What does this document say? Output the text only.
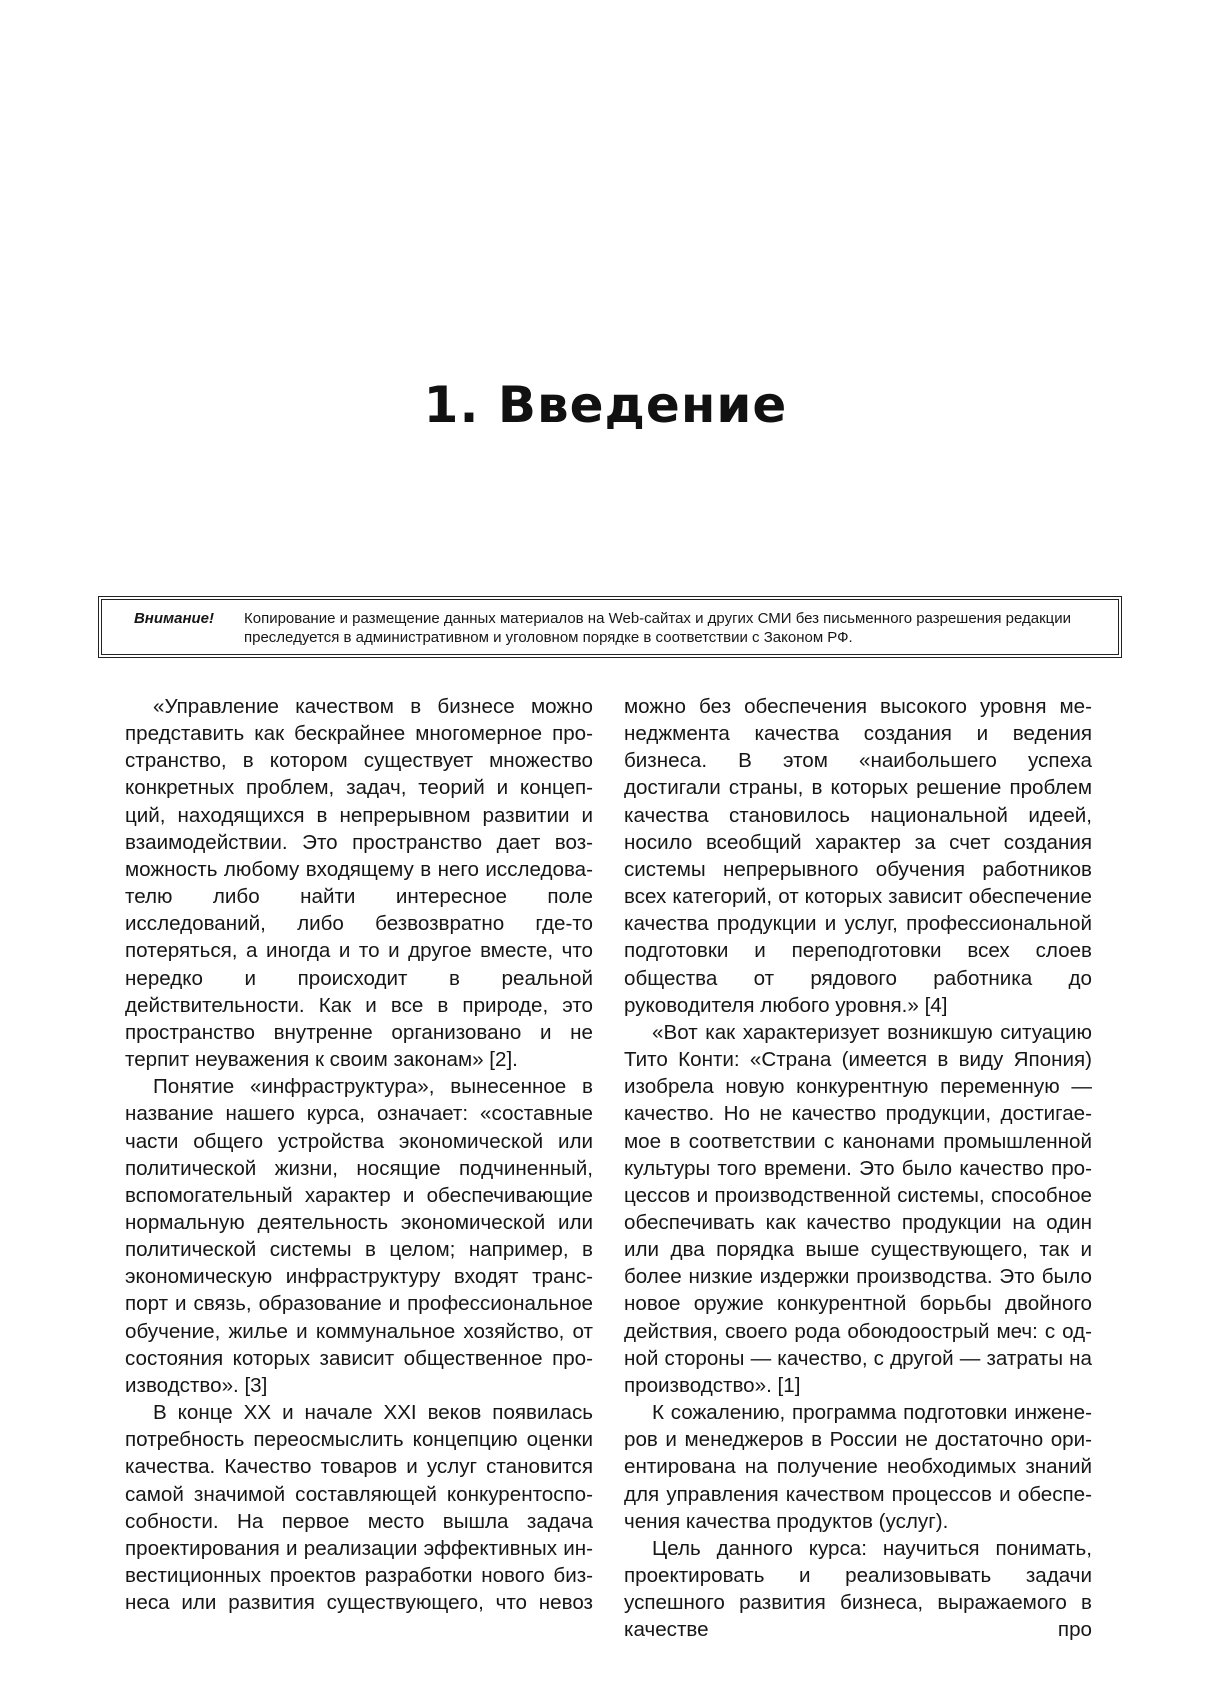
1. Введение
Внимание!	Копирование и размещение данных материалов на Web-сайтах и других СМИ без письменного разрешения редакции преследуется в административном и уголовном порядке в соответствии с Законом РФ.

«Управление качеством в бизнесе можно представить как бескрайнее многомерное пространство, в котором существует множество конкретных проблем, задач, теорий и концепций, находящихся в непрерывном развитии и взаимодействии. Это пространство дает возможность любому входящему в него исследователю либо найти интересное поле исследований, либо безвозвратно где-то потеряться, а иногда и то и другое вместе, что нередко и происходит в реальной действительности. Как и все в природе, это пространство внутренне организовано и не терпит неуважения к своим законам» [2].

Понятие «инфраструктура», вынесенное в название нашего курса, означает: «составные части общего устройства экономической или политической жизни, носящие подчиненный, вспомогательный характер и обеспечивающие нормальную деятельность экономической или политической системы в целом; например, в экономическую инфраструктуру входят транспорт и связь, образование и профессиональное обучение, жилье и коммунальное хозяйство, от состояния которых зависит общественное производство». [3]

В конце XX и начале XXI веков появилась потребность переосмыслить концепцию оценки качества. Качество товаров и услуг становится самой значимой составляющей конкурентоспособности. На первое место вышла задача проектирования и реализации эффективных инвестиционных проектов разработки нового бизнеса или развития существующего, что невоз

можно без обеспечения высокого уровня менеджмента качества создания и ведения бизнеса. В этом «наибольшего успеха достигали страны, в которых решение проблем качества становилось национальной идеей, носило всеобщий характер за счет создания системы непрерывного обучения работников всех категорий, от которых зависит обеспечение качества продукции и услуг, профессиональной подготовки и переподготовки всех слоев общества от рядового работника до руководителя любого уровня.» [4]

«Вот как характеризует возникшую ситуацию Тито Конти: «Страна (имеется в виду Япония) изобрела новую конкурентную переменную — качество. Но не качество продукции, достигаемое в соответствии с канонами промышленной культуры того времени. Это было качество процессов и производственной системы, способное обеспечивать как качество продукции на один или два порядка выше существующего, так и более низкие издержки производства. Это было новое оружие конкурентной борьбы двойного действия, своего рода обоюдоострый меч: с одной стороны — качество, с другой — затраты на производство». [1]

К сожалению, программа подготовки инженеров и менеджеров в России не достаточно ориентирована на получение необходимых знаний для управления качеством процессов и обеспечения качества продуктов (услуг).

Цель данного курса: научиться понимать, проектировать и реализовывать задачи успешного развития бизнеса, выражаемого в качестве про
